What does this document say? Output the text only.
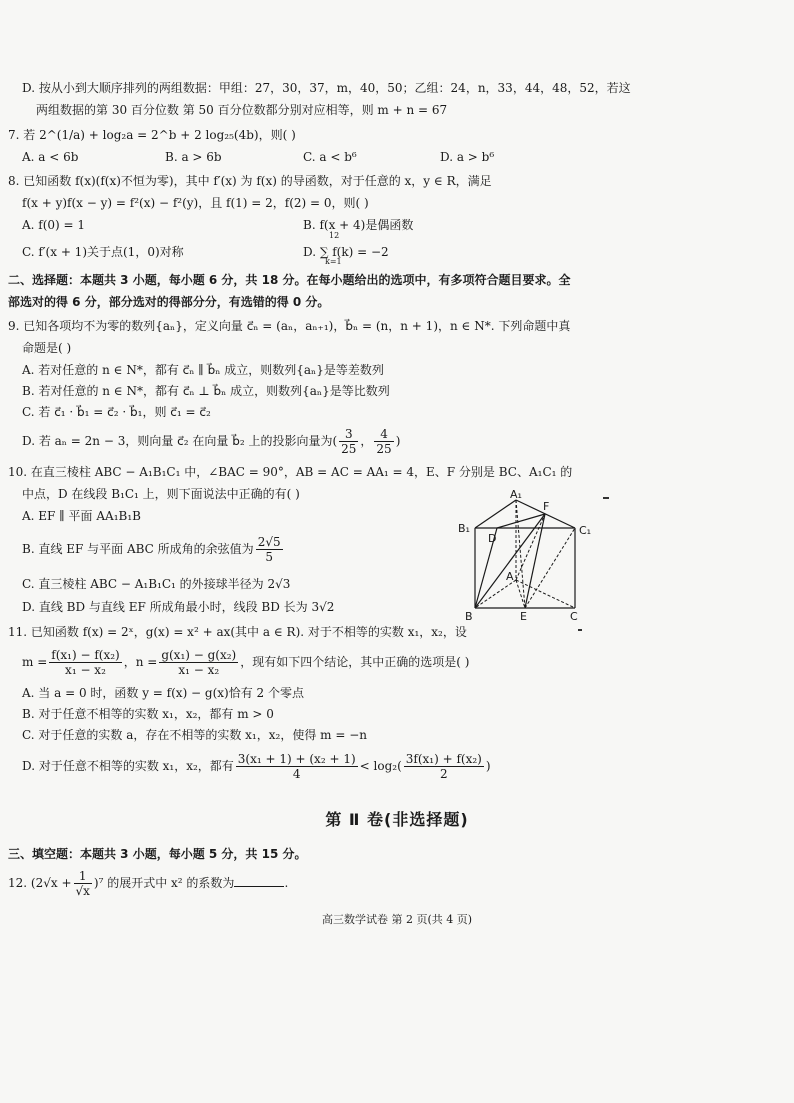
D. 按从小到大顺序排列的两组数据：甲组：27，30，37，m，40，50；乙组：24，n，33，44，48，52，若这
两组数据的第 30 百分位数 第 50 百分位数都分别对应相等，则 m + n = 67
7. 若 2^(1/a) + log₂a = 2^b + 2 log₂₅(4b)，则( )
A. a < 6b	B. a > 6b	C. a < b⁶	D. a > b⁶
8. 已知函数 f(x)(f(x)不恒为零)，其中 f′(x) 为 f(x) 的导函数，对于任意的 x，y ∈ R，满足
f(x + y)f(x − y) = f²(x) − f²(y)，且 f(1) = 2，f(2) = 0，则( )
A. f(0) = 1	B. f(x + 4)是偶函数
C. f′(x + 1)关于点(1，0)对称	D. ∑ f(k) = −2
12
k=1
二、选择题：本题共 3 小题，每小题 6 分，共 18 分。在每小题给出的选项中，有多项符合题目要求。全
部选对的得 6 分，部分选对的得部分分，有选错的得 0 分。
9. 已知各项均不为零的数列{aₙ}，定义向量 c⃗ₙ = (aₙ，aₙ₊₁)，b⃗ₙ = (n，n + 1)，n ∈ N*. 下列命题中真
命题是( )
A. 若对任意的 n ∈ N*，都有 c⃗ₙ ∥ b⃗ₙ 成立，则数列{aₙ}是等差数列
B. 若对任意的 n ∈ N*，都有 c⃗ₙ ⊥ b⃗ₙ 成立，则数列{aₙ}是等比数列
C. 若 c⃗₁ · b⃗₁ = c⃗₂ · b⃗₁，则 c⃗₁ = c⃗₂
D. 若 aₙ = 2n − 3，则向量 c⃗₂ 在向量 b⃗₂ 上的投影向量为( $\frac{3}{25}$ ， $\frac{4}{25}$ )
10. 在直三棱柱 ABC − A₁B₁C₁ 中，∠BAC = 90°，AB = AC = AA₁ = 4，E、F 分别是 BC、A₁C₁ 的
中点，D 在线段 B₁C₁ 上，则下面说法中正确的有( )
A. EF ∥ 平面 AA₁B₁B
B. 直线 EF 与平面 ABC 所成角的余弦值为 $\frac{2√5}{5}$
C. 直三棱柱 ABC − A₁B₁C₁ 的外接球半径为 2√3
D. 直线 BD 与直线 EF 所成角最小时，线段 BD 长为 3√2
A₁
B₁	C₁
F
D
A
B	E	C
11. 已知函数 f(x) = 2ˣ，g(x) = x² + ax(其中 a ∈ R). 对于不相等的实数 x₁，x₂，设
$m = \frac{\text{f(x₁) − f(x₂)}}{\text{x₁ − x₂}}$ ，$n = \frac{\text{g(x₁) − g(x₂)}}{\text{x₁ − x₂}}$ ，现有如下四个结论，其中正确的选项是( )
A. 当 a = 0 时，函数 y = f(x) − g(x)恰有 2 个零点
B. 对于任意不相等的实数 x₁，x₂，都有 m > 0
C. 对于任意的实数 a，存在不相等的实数 x₁，x₂，使得 m = −n
D. 对于任意不相等的实数 x₁，x₂，都有 $\frac{\text{3(x₁ + 1) + (x₂ + 1)}}{4} < \log_2( \frac{\text{3f(x₁) + f(x₂)}}{2}$ )
第 Ⅱ 卷(非选择题)
三、填空题：本题共 3 小题，每小题 5 分，共 15 分。
12. $(2√x + \frac{1}{√x} )^7$ 的展开式中 x² 的系数为	.
高三数学试卷 第 2 页(共 4 页)
